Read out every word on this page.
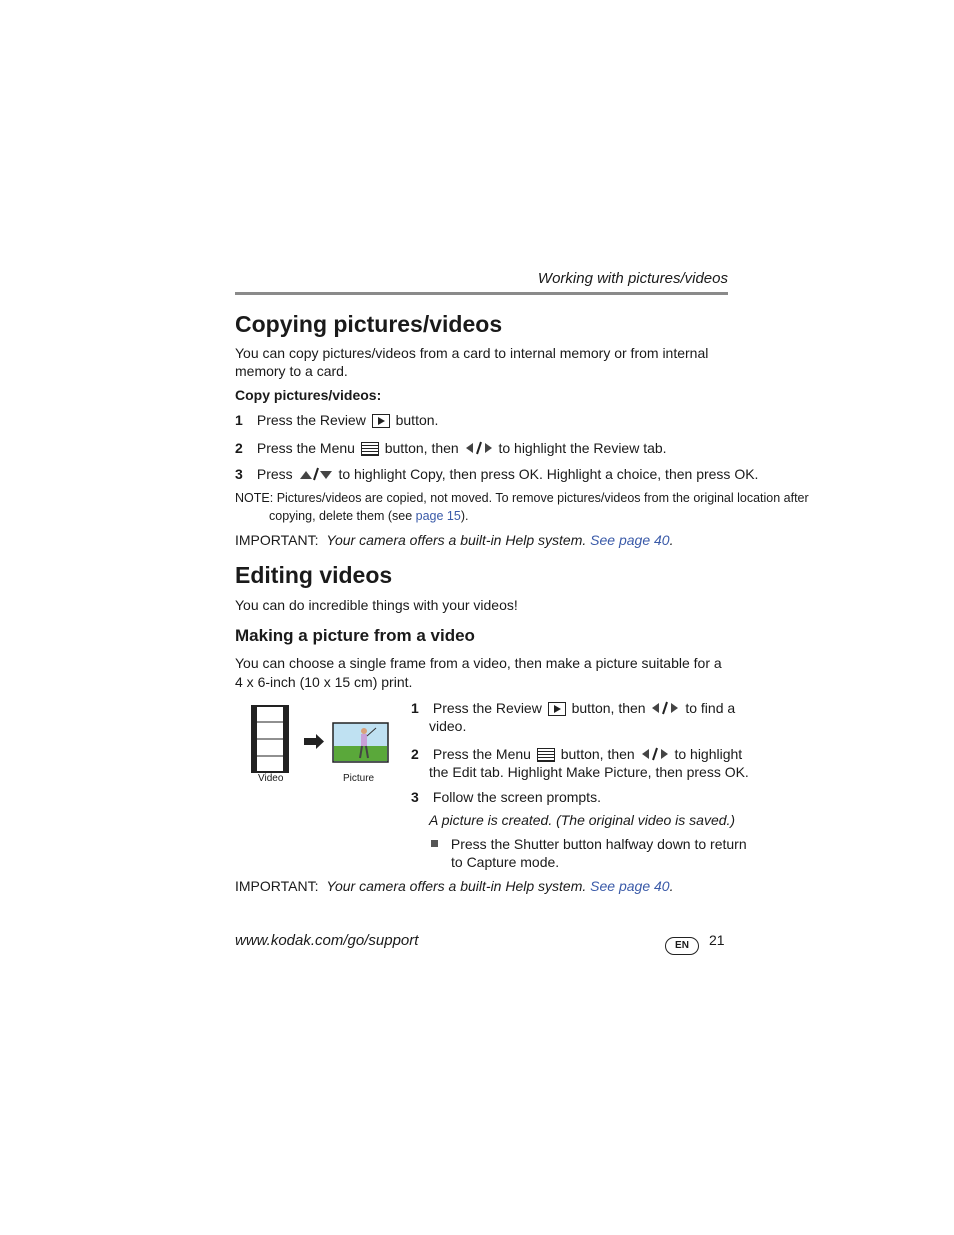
Working with pictures/videos
Copying pictures/videos
You can copy pictures/videos from a card to internal memory or from internal memory to a card.
Copy pictures/videos:
1 Press the Review button.
2 Press the Menu button, then	to highlight the Review tab.
3 Press	to highlight Copy, then press OK. Highlight a choice, then press OK.
NOTE: Pictures/videos are copied, not moved. To remove pictures/videos from the original location after
copying, delete them (see page 15).
IMPORTANT: Your camera offers a built-in Help system. See page 40.
Editing videos
You can do incredible things with your videos!
Making a picture from a video
You can choose a single frame from a video, then make a picture suitable for a
4 x 6-inch (10 x 15 cm) print.
Video	Picture
1 Press the Review button, then	to find a
video.
2 Press the Menu button, then	to highlight
the Edit tab. Highlight Make Picture, then press OK.
3 Follow the screen prompts.
A picture is created. (The original video is saved.)
Press the Shutter button halfway down to return
to Capture mode.
IMPORTANT: Your camera offers a built-in Help system. See page 40.
www.kodak.com/go/support	EN	21
